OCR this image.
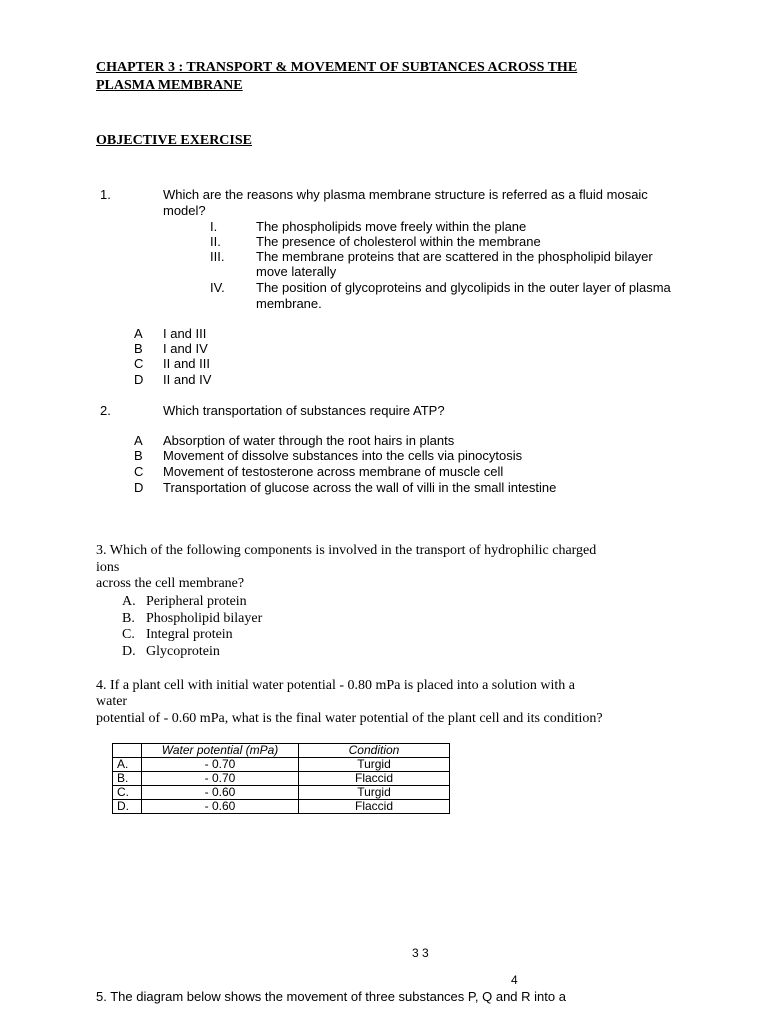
CHAPTER 3 : TRANSPORT & MOVEMENT OF SUBTANCES ACROSS THE
PLASMA MEMBRANE
OBJECTIVE EXERCISE
1.	Which are the reasons why plasma membrane structure is referred as a fluid mosaic
model?
I.	The phospholipids move freely within the plane
II.	The presence of cholesterol within the membrane
III. The membrane proteins that are scattered in the phospholipid bilayer
move laterally
IV. The position of glycoproteins and glycolipids in the outer layer of plasma
membrane.
A I and III
B I and IV
C II and III
D II and IV
2.	Which transportation of substances require ATP?
A Absorption of water through the root hairs in plants
B Movement of dissolve substances into the cells via pinocytosis
C Movement of testosterone across membrane of muscle cell
D Transportation of glucose across the wall of villi in the small intestine
3. Which of the following components is involved in the transport of hydrophilic charged
ions
across the cell membrane?
A. Peripheral protein
B. Phospholipid bilayer
C. Integral protein
D. Glycoprotein
4. If a plant cell with initial water potential - 0.80 mPa is placed into a solution with a
water
potential of - 0.60 mPa, what is the final water potential of the plant cell and its condition?
	Water potential (mPa)	Condition
A.	- 0.70	Turgid
B.	- 0.70	Flaccid
C.	- 0.60	Turgid
D.	- 0.60	Flaccid
3 3
4
5. The diagram below shows the movement of three substances P, Q and R into a
